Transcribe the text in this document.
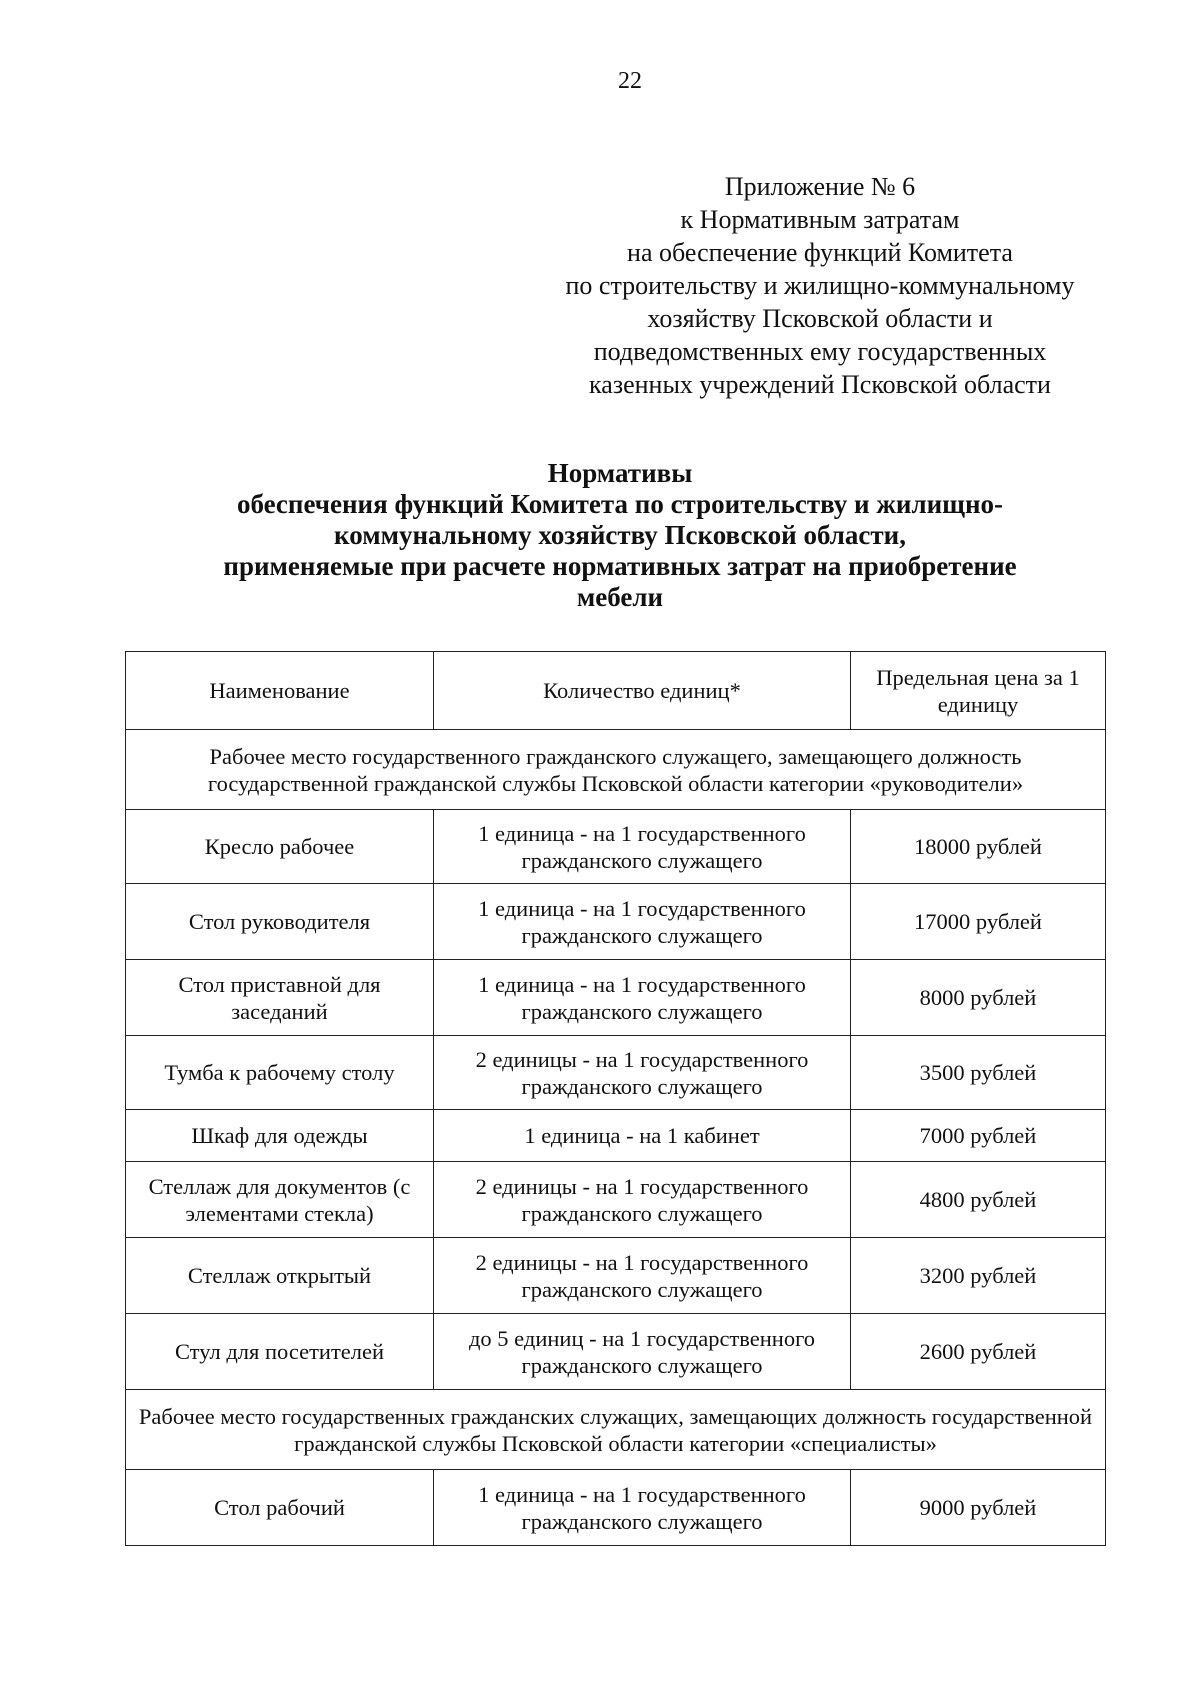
22
Приложение № 6
к Нормативным затратам
на обеспечение функций Комитета
по строительству и жилищно-коммунальному
хозяйству Псковской области и
подведомственных ему государственных
казенных учреждений Псковской области
Нормативы
обеспечения функций Комитета по строительству и жилищно-
коммунальному хозяйству Псковской области,
применяемые при расчете нормативных затрат на приобретение
мебели
Наименование	Количество единиц*	Предельная цена за 1 единицу
Рабочее место государственного гражданского служащего, замещающего должность государственной гражданской службы Псковской области категории «руководители»		
Кресло рабочее	1 единица - на 1 государственного гражданского служащего	18000 рублей
Стол руководителя	1 единица - на 1 государственного гражданского служащего	17000 рублей
Стол приставной для заседаний	1 единица - на 1 государственного гражданского служащего	8000 рублей
Тумба к рабочему столу	2 единицы - на 1 государственного гражданского служащего	3500 рублей
Шкаф для одежды	1 единица - на 1 кабинет	7000 рублей
Стеллаж для документов (с элементами стекла)	2 единицы - на 1 государственного гражданского служащего	4800 рублей
Стеллаж открытый	2 единицы - на 1 государственного гражданского служащего	3200 рублей
Стул для посетителей	до 5 единиц - на 1 государственного гражданского служащего	2600 рублей
Рабочее место государственных гражданских служащих, замещающих должность государственной гражданской службы Псковской области категории «специалисты»		
Стол рабочий	1 единица - на 1 государственного гражданского служащего	9000 рублей
